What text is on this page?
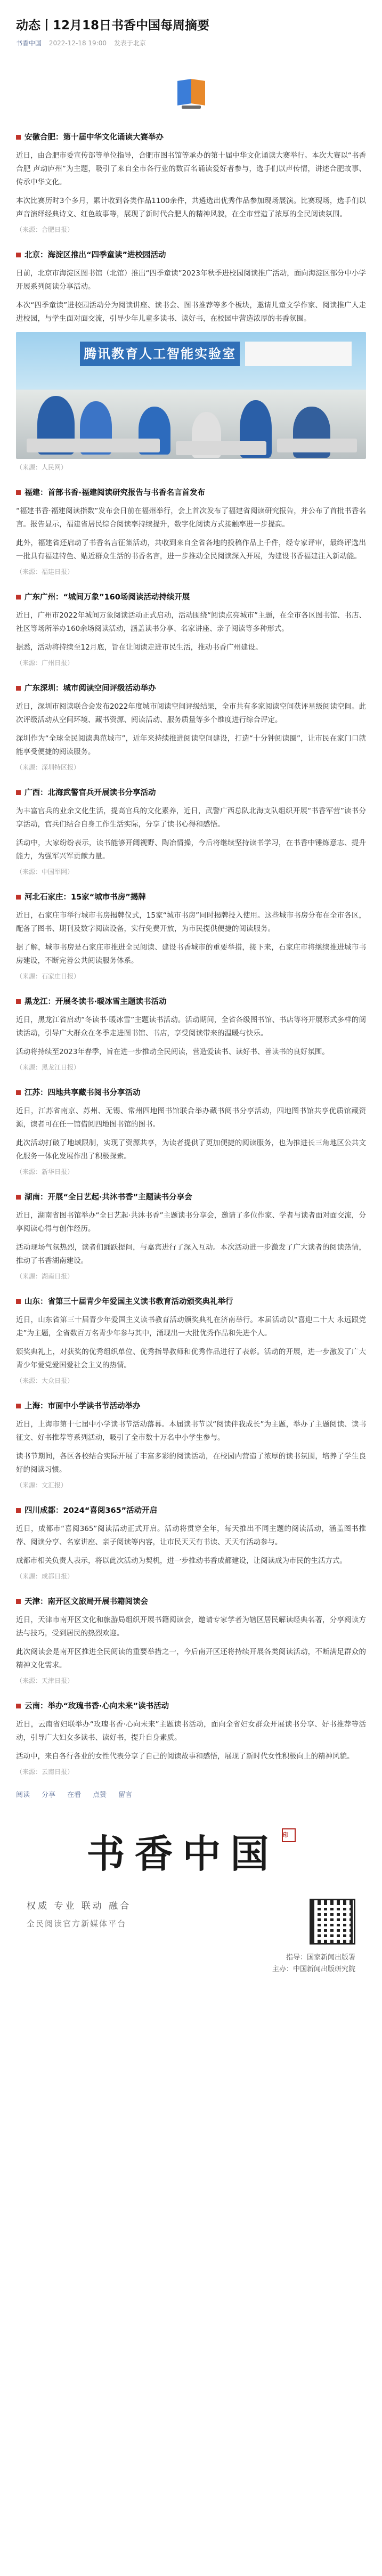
动态丨12月18日书香中国每周摘要
书香中国 2022-12-18 19:00 发表于北京
安徽合肥：第十届中华文化诵读大赛举办

近日，由合肥市委宣传部等单位指导，合肥市图书馆等承办的第十届中华文化诵读大赛举行。本次大赛以“书香合肥 声动庐州”为主题，吸引了来自全市各行业的数百名诵读爱好者参与，选手们以声传情，讲述合肥故事、传承中华文化。

本次比赛历时3个多月，累计收到各类作品1100余件，共遴选出优秀作品参加现场展演。比赛现场，选手们以声音演绎经典诗文、红色故事等，展现了新时代合肥人的精神风貌，在全市营造了浓厚的全民阅读氛围。

（来源：合肥日报）
北京：海淀区推出“四季童读”进校园活动

日前，北京市海淀区图书馆（北馆）推出“四季童读”2023年秋季进校园阅读推广活动，面向海淀区部分中小学开展系列阅读分享活动。

本次“四季童读”进校园活动分为阅读讲座、读书会、图书推荐等多个板块，邀请儿童文学作家、阅读推广人走进校园，与学生面对面交流，引导少年儿童多读书、读好书，在校园中营造浓厚的书香氛围。

腾讯教育人工智能实验室
（来源：人民网）
福建：首部书香·福建阅读研究报告与书香名言首发布

“福建书香·福建阅读指数”发布会日前在福州举行，会上首次发布了福建省阅读研究报告，并公布了首批书香名言。报告显示，福建省居民综合阅读率持续提升，数字化阅读方式接触率进一步提高。

此外，福建省还启动了书香名言征集活动，共收到来自全省各地的投稿作品上千件，经专家评审，最终评选出一批具有福建特色、贴近群众生活的书香名言，进一步推动全民阅读深入开展，为建设书香福建注入新动能。

（来源：福建日报）
广东广州：“城间万象”160场阅读活动持续开展

近日，广州市2022年城间万象阅读活动正式启动，活动围绕“阅读点亮城市”主题，在全市各区图书馆、书店、社区等场所举办160余场阅读活动，涵盖读书分享、名家讲座、亲子阅读等多种形式。

据悉，活动将持续至12月底，旨在让阅读走进市民生活，推动书香广州建设。

（来源：广州日报）
广东深圳：城市阅读空间评级活动举办

近日，深圳市阅读联合会发布2022年度城市阅读空间评级结果，全市共有多家阅读空间获评星级阅读空间。此次评级活动从空间环境、藏书资源、阅读活动、服务质量等多个维度进行综合评定。

深圳作为“全球全民阅读典范城市”，近年来持续推进阅读空间建设，打造“十分钟阅读圈”，让市民在家门口就能享受便捷的阅读服务。

（来源：深圳特区报）
广西：北海武警官兵开展读书分享活动

为丰富官兵的业余文化生活，提高官兵的文化素养，近日，武警广西总队北海支队组织开展“书香军营”读书分享活动，官兵们结合自身工作生活实际，分享了读书心得和感悟。

活动中，大家纷纷表示，读书能够开阔视野、陶冶情操，今后将继续坚持读书学习，在书香中锤炼意志、提升能力，为强军兴军贡献力量。

（来源：中国军网）
河北石家庄：15家“城市书房”揭牌

近日，石家庄市举行城市书房揭牌仪式，15家“城市书房”同时揭牌投入使用。这些城市书房分布在全市各区，配备了图书、期刊及数字阅读设备，实行免费开放，为市民提供便捷的阅读服务。

据了解，城市书房是石家庄市推进全民阅读、建设书香城市的重要举措，接下来，石家庄市将继续推进城市书房建设，不断完善公共阅读服务体系。

（来源：石家庄日报）
黑龙江：开展冬读书·暖冰雪主题读书活动

近日，黑龙江省启动“冬读书·暖冰雪”主题读书活动。活动期间，全省各级图书馆、书店等将开展形式多样的阅读活动，引导广大群众在冬季走进图书馆、书店，享受阅读带来的温暖与快乐。

活动将持续至2023年春季，旨在进一步推动全民阅读，营造爱读书、读好书、善读书的良好氛围。

（来源：黑龙江日报）
江苏：四地共享藏书阅书分享活动

近日，江苏省南京、苏州、无锡、常州四地图书馆联合举办藏书阅书分享活动，四地图书馆共享优质馆藏资源，读者可在任一馆借阅四地图书馆的图书。

此次活动打破了地域限制，实现了资源共享，为读者提供了更加便捷的阅读服务，也为推进长三角地区公共文化服务一体化发展作出了积极探索。

（来源：新华日报）
湖南：开展“全日艺起·共沐书香”主题读书分享会

近日，湖南省图书馆举办“全日艺起·共沐书香”主题读书分享会，邀请了多位作家、学者与读者面对面交流，分享阅读心得与创作经历。

活动现场气氛热烈，读者们踊跃提问，与嘉宾进行了深入互动。本次活动进一步激发了广大读者的阅读热情，推动了书香湖南建设。

（来源：湖南日报）
山东：省第三十届青少年爱国主义读书教育活动颁奖典礼举行

近日，山东省第三十届青少年爱国主义读书教育活动颁奖典礼在济南举行。本届活动以“喜迎二十大 永远跟党走”为主题，全省数百万名青少年参与其中，涌现出一大批优秀作品和先进个人。

颁奖典礼上，对获奖的优秀组织单位、优秀指导教师和优秀作品进行了表彰。活动的开展，进一步激发了广大青少年爱党爱国爱社会主义的热情。

（来源：大众日报）
上海：市面中小学读书节活动举办

近日，上海市第十七届中小学读书节活动落幕。本届读书节以“阅读伴我成长”为主题，举办了主题阅读、读书征文、好书推荐等系列活动，吸引了全市数十万名中小学生参与。

读书节期间，各区各校结合实际开展了丰富多彩的阅读活动，在校园内营造了浓厚的读书氛围，培养了学生良好的阅读习惯。

（来源：文汇报）
四川成都：2024“喜阅365”活动开启

近日，成都市“喜阅365”阅读活动正式开启。活动将贯穿全年，每天推出不同主题的阅读活动，涵盖图书推荐、阅读分享、名家讲座、亲子阅读等内容，让市民天天有书读、天天有活动参与。

成都市相关负责人表示，将以此次活动为契机，进一步推动书香成都建设，让阅读成为市民的生活方式。

（来源：成都日报）
天津：南开区文旅局开展书籍阅读会

近日，天津市南开区文化和旅游局组织开展书籍阅读会，邀请专家学者为辖区居民解读经典名著，分享阅读方法与技巧，受到居民的热烈欢迎。

此次阅读会是南开区推进全民阅读的重要举措之一，今后南开区还将持续开展各类阅读活动，不断满足群众的精神文化需求。

（来源：天津日报）
云南：举办“玫瑰书香·心向未来”读书活动

近日，云南省妇联举办“玫瑰书香·心向未来”主题读书活动，面向全省妇女群众开展读书分享、好书推荐等活动，引导广大妇女多读书、读好书，提升自身素质。

活动中，来自各行各业的女性代表分享了自己的阅读故事和感悟，展现了新时代女性积极向上的精神风貌。

（来源：云南日报）
阅读 分享 在看 点赞 留言
书香中国 印
权威 专业 联动 融合
全民阅读官方新媒体平台
指导：国家新闻出版署
主办：中国新闻出版研究院
